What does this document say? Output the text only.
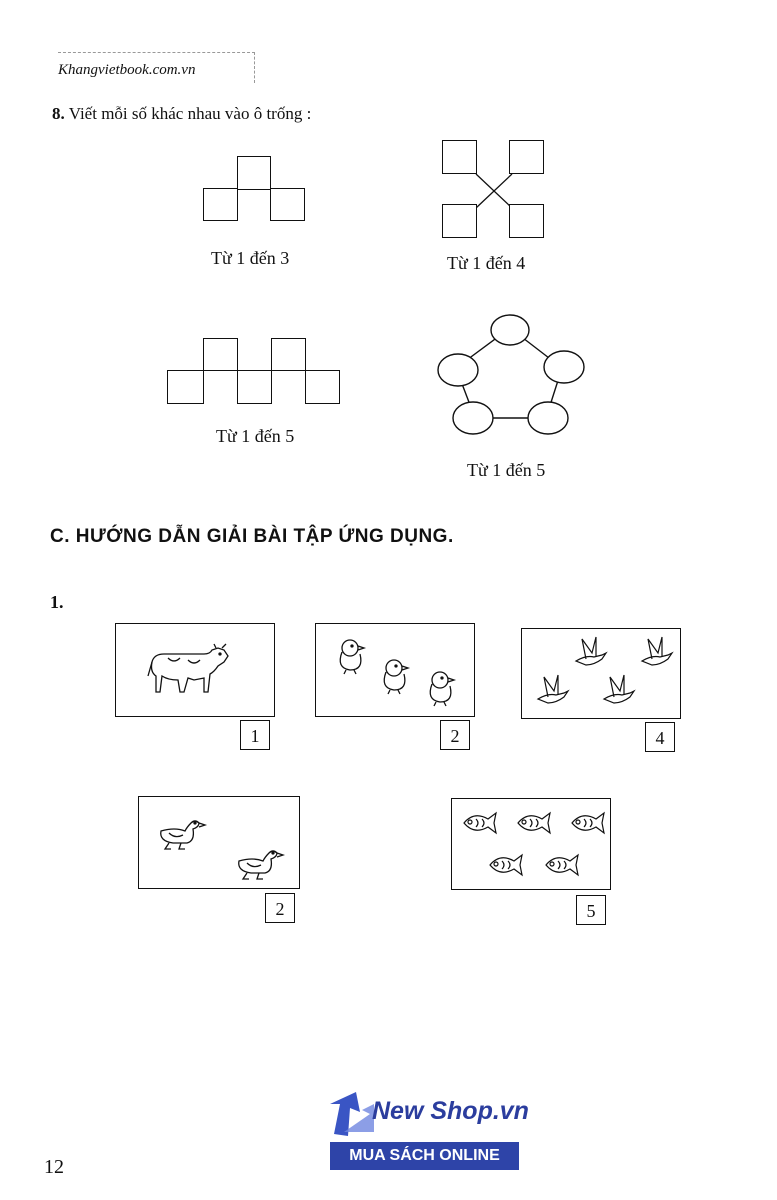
Khangvietbook.com.vn
8. Viết mỗi số khác nhau vào ô trống :
Từ 1 đến 3	Từ 1 đến 4
Từ 1 đến 5
Từ 1 đến 5
C. HƯỚNG DẪN GIẢI BÀI TẬP ỨNG DỤNG.
1.
1	2	4
2	5
New Shop.vn
MUA SÁCH ONLINE
12
